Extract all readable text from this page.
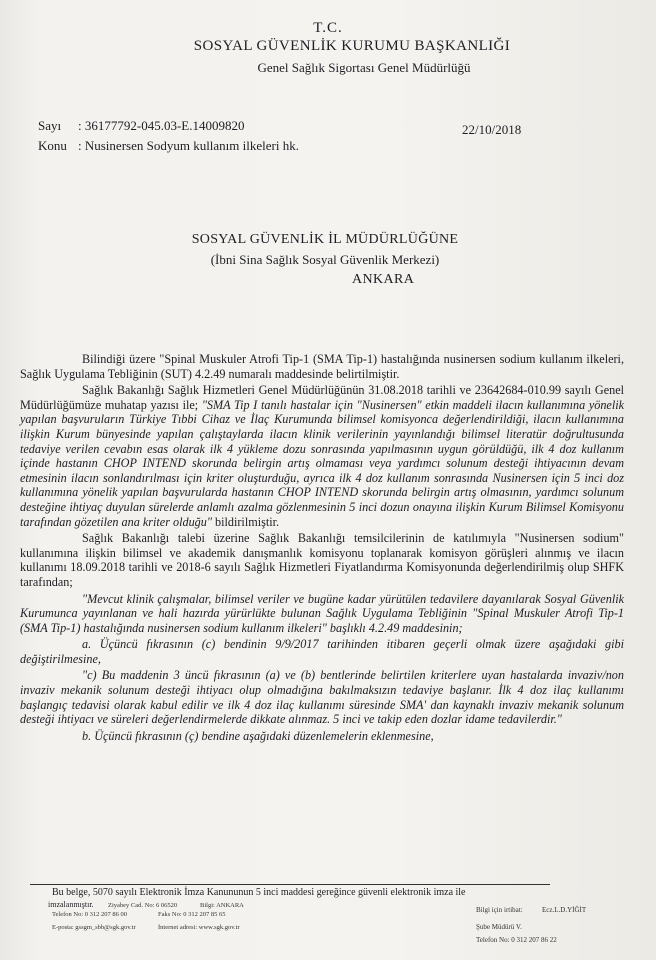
T.C.
SOSYAL GÜVENLİK KURUMU BAŞKANLIĞI
Genel Sağlık Sigortası Genel Müdürlüğü
Sayı : 36177792-045.03-E.14009820	22/10/2018
Konu : Nusinersen Sodyum kullanım ilkeleri hk.
SOSYAL GÜVENLİK İL MÜDÜRLÜĞÜNE
(İbni Sina Sağlık Sosyal Güvenlik Merkezi)
ANKARA

Bilindiği üzere "Spinal Muskuler Atrofi Tip-1 (SMA Tip-1) hastalığında nusinersen sodium kullanım ilkeleri, Sağlık Uygulama Tebliğinin (SUT) 4.2.49 numaralı maddesinde belirtilmiştir.

Sağlık Bakanlığı Sağlık Hizmetleri Genel Müdürlüğünün 31.08.2018 tarihli ve 23642684-010.99 sayılı Genel Müdürlüğümüze muhatap yazısı ile; "SMA Tip I tanılı hastalar için "Nusinersen" etkin maddeli ilacın kullanımına yönelik yapılan başvuruların Türkiye Tıbbi Cihaz ve İlaç Kurumunda bilimsel komisyonca değerlendirildiği, ilacın kullanımına ilişkin Kurum bünyesinde yapılan çalıştaylarda ilacın klinik verilerinin yayınlandığı bilimsel literatür doğrultusunda tedaviye verilen cevabın esas olarak ilk 4 yükleme dozu sonrasında yapılmasının uygun görüldüğü, ilk 4 doz kullanım içinde hastanın CHOP INTEND skorunda belirgin artış olmaması veya yardımcı solunum desteği ihtiyacının devam etmesinin ilacın sonlandırılması için kriter oluşturduğu, ayrıca ilk 4 doz kullanım sonrasında Nusinersen için 5 inci doz kullanımına yönelik yapılan başvurularda hastanın CHOP INTEND skorunda belirgin artış olmasının, yardımcı solunum desteğine ihtiyaç duyulan sürelerde anlamlı azalma gözlenmesinin 5 inci dozun onayına ilişkin Kurum Bilimsel Komisyonu tarafından gözetilen ana kriter olduğu" bildirilmiştir.

Sağlık Bakanlığı talebi üzerine Sağlık Bakanlığı temsilcilerinin de katılımıyla "Nusinersen sodium" kullanımına ilişkin bilimsel ve akademik danışmanlık komisyonu toplanarak komisyon görüşleri alınmış ve ilacın kullanımı 18.09.2018 tarihli ve 2018-6 sayılı Sağlık Hizmetleri Fiyatlandırma Komisyonunda değerlendirilmiş olup SHFK tarafından;

"Mevcut klinik çalışmalar, bilimsel veriler ve bugüne kadar yürütülen tedavilere dayanılarak Sosyal Güvenlik Kurumunca yayınlanan ve hali hazırda yürürlükte bulunan Sağlık Uygulama Tebliğinin "Spinal Muskuler Atrofi Tip-1 (SMA Tip-1) hastalığında nusinersen sodium kullanım ilkeleri" başlıklı 4.2.49 maddesinin;

a. Üçüncü fıkrasının (c) bendinin 9/9/2017 tarihinden itibaren geçerli olmak üzere aşağıdaki gibi değiştirilmesine,

"c) Bu maddenin 3 üncü fıkrasının (a) ve (b) bentlerinde belirtilen kriterlere uyan hastalarda invaziv/non invaziv mekanik solunum desteği ihtiyacı olup olmadığına bakılmaksızın tedaviye başlanır. İlk 4 doz ilaç kullanımı başlangıç tedavisi olarak kabul edilir ve ilk 4 doz ilaç kullanımı süresinde SMA' dan kaynaklı invaziv mekanik solunum desteği ihtiyacı ve süreleri değerlendirmelerde dikkate alınmaz. 5 inci ve takip eden dozlar idame tedavilerdir."

b. Üçüncü fıkrasının (ç) bendine aşağıdaki düzenlemelerin eklenmesine,

Bu belge, 5070 sayılı Elektronik İmza Kanununun 5 inci maddesi gereğince güvenli elektronik imza ile
imzalanmıştır. Ziyabey Cad. No: 6 06520	Bilgi: ANKARA
Telefon No: 0 312 207 86 00	Faks No: 0 312 207 85 65
E-posta: gssgm_sbb@sgk.gov.tr	İnternet adresi: www.sgk.gov.tr
Bilgi için irtibat:	Ecz.L.D.YİĞİT
Şube Müdürü V.
Telefon No: 0 312 207 86 22
